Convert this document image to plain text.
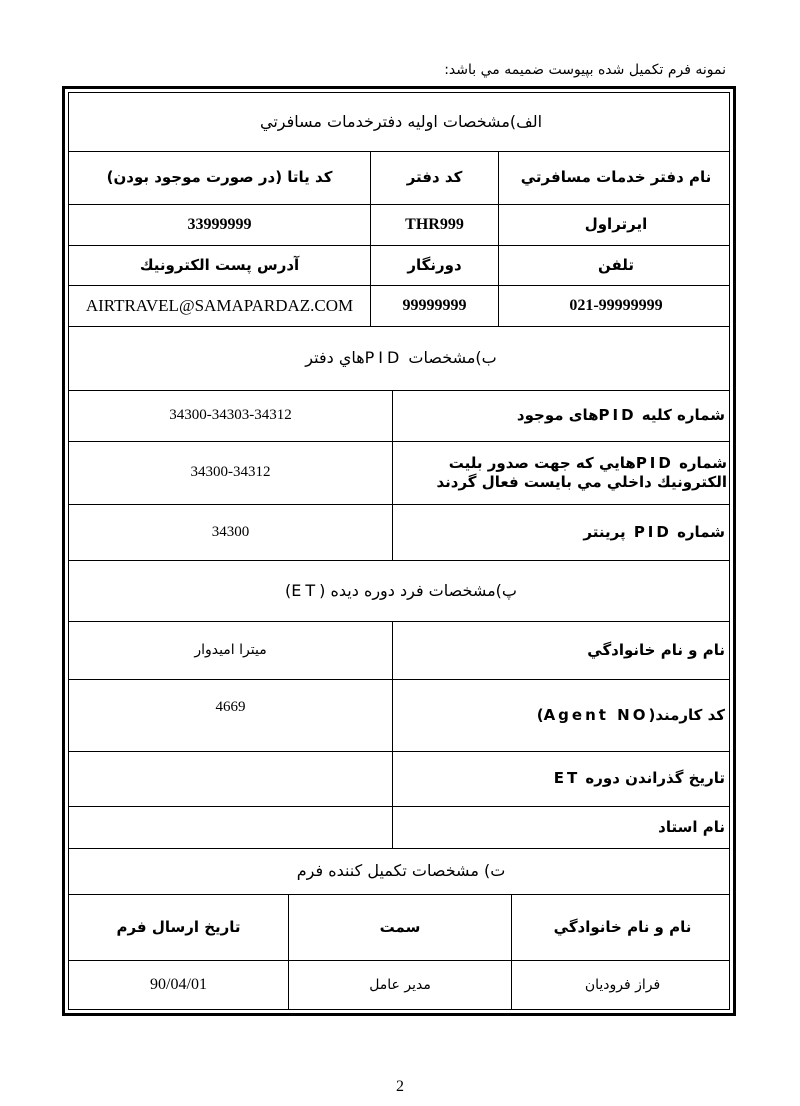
نمونه فرم تکمیل شده بپیوست ضمیمه مي باشد:
الف)مشخصات اوليه دفترخدمات مسافرتي
نام دفتر خدمات مسافرتي
كد دفتر
كد ياتا (در صورت موجود بودن)
ايرتراول
THR999
33999999
تلفن
دورنگار
آدرس پست الكترونيك
021-99999999
99999999
AIRTRAVEL@SAMAPARDAZ.COM
ب)مشخصات PIDهاي دفتر
شماره كليه PIDهای موجود
34300-34303-34312
شماره PIDهايي كه جهت صدور بليت الكترونيك داخلي مي بايست فعال گردند
34300-34312
شماره PID پرينتر
34300
پ)مشخصات فرد دوره ديده (ET)
نام و نام خانوادگي
ميترا اميدوار
كد كارمند(Agent NO)
4669
تاريخ گذراندن دوره ET
نام استاد
ت) مشخصات تكميل كننده فرم
نام و نام خانوادگي
سمت
تاريخ ارسال فرم
فراز فروديان
مدير عامل
90/04/01
2
